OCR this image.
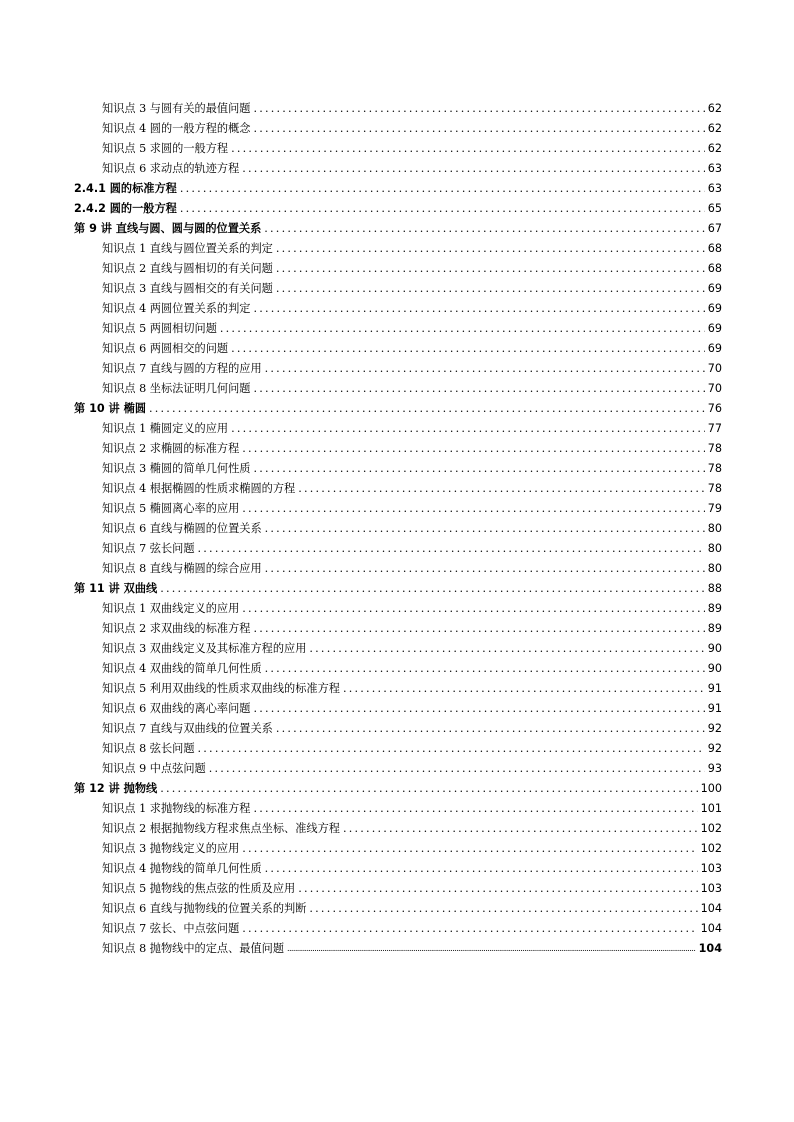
知识点 3 与圆有关的最值问题 .....	62
知识点 4 圆的一般方程的概念 .....	62
知识点 5 求圆的一般方程 .....	62
知识点 6 求动点的轨迹方程 .....	63
2.4.1 圆的标准方程 .....	63
2.4.2 圆的一般方程 .....	65
第 9 讲 直线与圆、圆与圆的位置关系 .....	67
知识点 1 直线与圆位置关系的判定 .....	68
知识点 2 直线与圆相切的有关问题 .....	68
知识点 3 直线与圆相交的有关问题 .....	69
知识点 4 两圆位置关系的判定 .....	69
知识点 5 两圆相切问题 .....	69
知识点 6 两圆相交的问题 .....	69
知识点 7 直线与圆的方程的应用 .....	70
知识点 8 坐标法证明几何问题 .....	70
第 10 讲 椭圆 .....	76
知识点 1 椭圆定义的应用 .....	77
知识点 2 求椭圆的标准方程 .....	78
知识点 3 椭圆的简单几何性质 .....	78
知识点 4 根据椭圆的性质求椭圆的方程 .....	78
知识点 5 椭圆离心率的应用 .....	79
知识点 6 直线与椭圆的位置关系 .....	80
知识点 7 弦长问题 .....	80
知识点 8 直线与椭圆的综合应用 .....	80
第 11 讲 双曲线 .....	88
知识点 1 双曲线定义的应用 .....	89
知识点 2 求双曲线的标准方程 .....	89
知识点 3 双曲线定义及其标准方程的应用 .....	90
知识点 4 双曲线的简单几何性质 .....	90
知识点 5 利用双曲线的性质求双曲线的标准方程 .....	91
知识点 6 双曲线的离心率问题 .....	91
知识点 7 直线与双曲线的位置关系 .....	92
知识点 8 弦长问题 .....	92
知识点 9 中点弦问题 .....	93
第 12 讲 抛物线 .....	100
知识点 1 求抛物线的标准方程 .....	101
知识点 2 根据抛物线方程求焦点坐标、准线方程 .....	102
知识点 3 抛物线定义的应用 .....	102
知识点 4 抛物线的简单几何性质 .....	103
知识点 5 抛物线的焦点弦的性质及应用 .....	103
知识点 6 直线与抛物线的位置关系的判断 .....	104
知识点 7 弦长、中点弦问题 .....	104
知识点 8 抛物线中的定点、最值问题 .....	104
